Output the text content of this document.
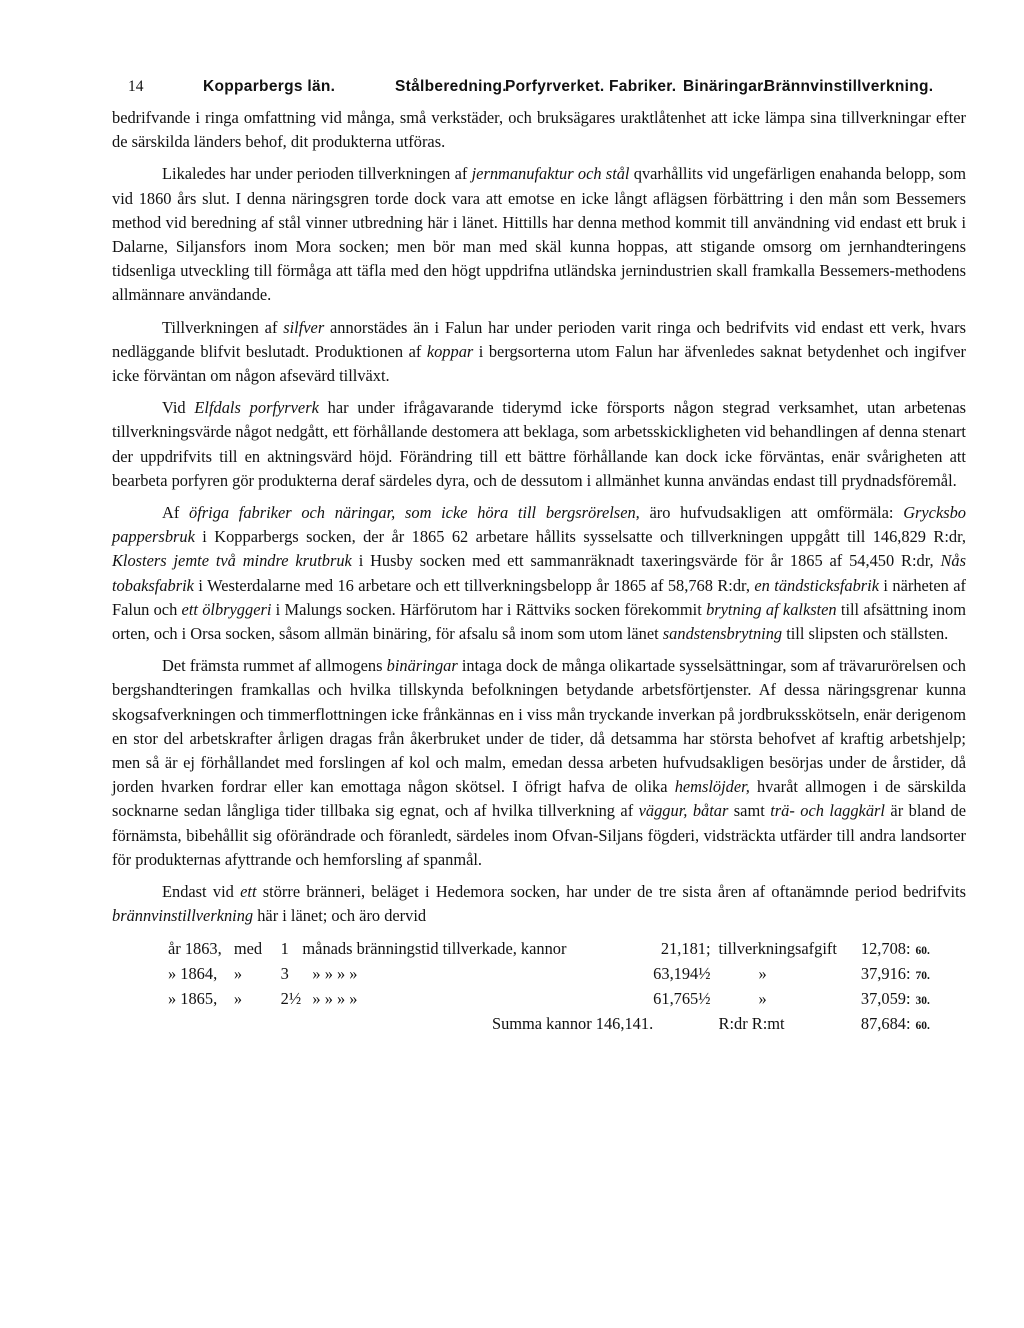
14	Kopparbergs län.	Stålberedning.
Porfyrverket. Fabriker. Binäringar.
Brännvinstillverkning.

bedrifvande i ringa omfattning vid många, små verkstäder, och bruksägares uraktlåtenhet att icke lämpa sina tillverkningar efter de särskilda länders behof, dit produkterna utföras.

Likaledes har under perioden tillverkningen af jernmanufaktur och stål qvarhållits vid ungefärligen enahanda belopp, som vid 1860 års slut. I denna näringsgren torde dock vara att emotse en icke långt aflägsen förbättring i den mån som Bessemers method vid beredning af stål vinner utbredning här i länet. Hittills har denna method kommit till användning vid endast ett bruk i Dalarne, Siljansfors inom Mora socken; men bör man med skäl kunna hoppas, att stigande omsorg om jernhandteringens tidsenliga utveckling till förmåga att täfla med den högt uppdrifna utländska jernindustrien skall framkalla Bessemers-methodens allmännare användande.

Tillverkningen af silfver annorstädes än i Falun har under perioden varit ringa och bedrifvits vid endast ett verk, hvars nedläggande blifvit beslutadt. Produktionen af koppar i bergsorterna utom Falun har äfvenledes saknat betydenhet och ingifver icke förväntan om någon afsevärd tillväxt.

Vid Elfdals porfyrverk har under ifrågavarande tiderymd icke försports någon stegrad verksamhet, utan arbetenas tillverkningsvärde något nedgått, ett förhållande destomera att beklaga, som arbetsskickligheten vid behandlingen af denna stenart der uppdrifvits till en aktningsvärd höjd. Förändring till ett bättre förhållande kan dock icke förväntas, enär svårigheten att bearbeta porfyren gör produkterna deraf särdeles dyra, och de dessutom i allmänhet kunna användas endast till prydnadsföremål.

Af öfriga fabriker och näringar, som icke höra till bergsrörelsen, äro hufvudsakligen att omförmäla: Grycksbo pappersbruk i Kopparbergs socken, der år 1865 62 arbetare hållits sysselsatte och tillverkningen uppgått till 146,829 R:dr, Klosters jemte två mindre krutbruk i Husby socken med ett sammanräknadt taxeringsvärde för år 1865 af 54,450 R:dr, Nås tobaksfabrik i Westerdalarne med 16 arbetare och ett tillverkningsbelopp år 1865 af 58,768 R:dr, en tändsticksfabrik i närheten af Falun och ett ölbryggeri i Malungs socken. Härförutom har i Rättviks socken förekommit brytning af kalksten till afsättning inom orten, och i Orsa socken, såsom allmän binäring, för afsalu så inom som utom länet sandstensbrytning till slipsten och ställsten.

Det främsta rummet af allmogens binäringar intaga dock de många olikartade sysselsättningar, som af trävarurörelsen och bergshandteringen framkallas och hvilka tillskynda befolkningen betydande arbetsförtjenster. Af dessa näringsgrenar kunna skogsafverkningen och timmerflottningen icke frånkännas en i viss mån tryckande inverkan på jordbruksskötseln, enär derigenom en stor del arbetskrafter årligen dragas från åkerbruket under de tider, då detsamma har största behofvet af kraftig arbetshjelp; men så är ej förhållandet med forslingen af kol och malm, emedan dessa arbeten hufvudsakligen besörjas under de årstider, då jorden hvarken fordrar eller kan emottaga någon skötsel. I öfrigt hafva de olika hemslöjder, hvaråt allmogen i de särskilda socknarne sedan långliga tider tillbaka sig egnat, och af hvilka tillverkning af väggur, båtar samt trä- och laggkärl är bland de förnämsta, bibehållit sig oförändrade och föranledt, särdeles inom Ofvan-Siljans fögderi, vidsträckta utfärder till andra landsorter för produkternas afyttrande och hemforsling af spanmål.

Endast vid ett större bränneri, beläget i Hedemora socken, har under de tre sista åren af oftanämnde period bedrifvits brännvinstillverkning här i länet; och äro dervid

år 1863,	med	1	månads bränningstid tillverkade, kannor	21,181;	tillverkningsafgift	12,708:	60.
» 1864,	»	3	» » » »	63,194½	»	37,916:	70.
» 1865,	»	2½	» » » »	61,765½	»	37,059:	30.
Summa kannor 146,141.					R:dr R:mt	87,684:	60.
